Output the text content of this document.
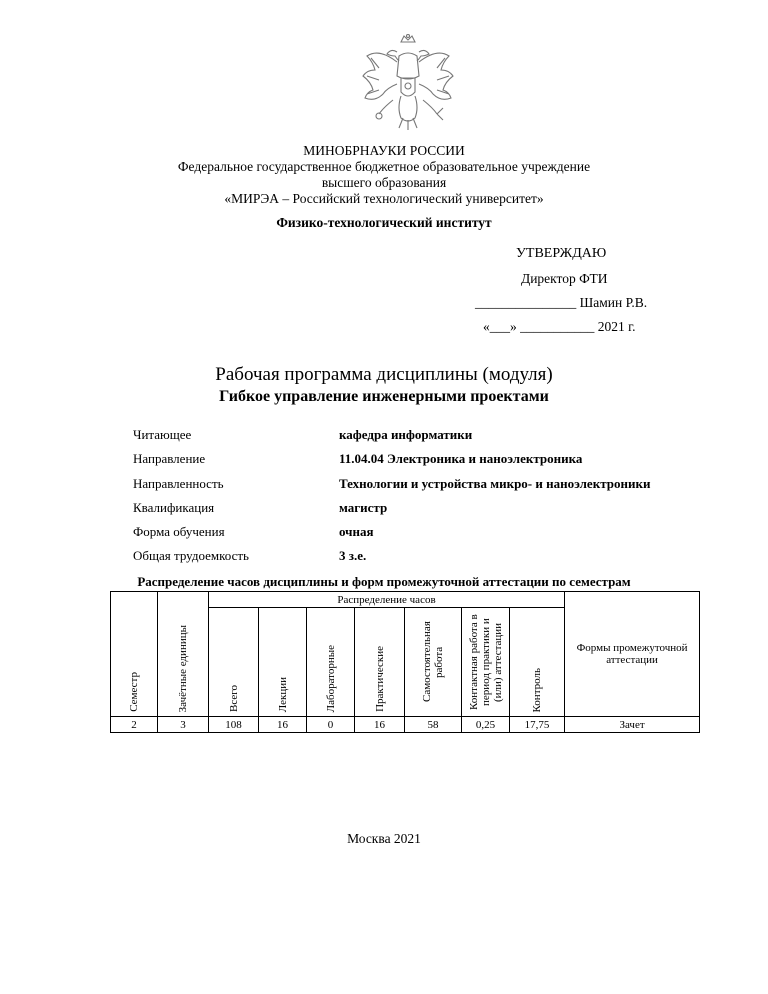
МИНОБРНАУКИ РОССИИ
Федеральное государственное бюджетное образовательное учреждение
высшего образования
«МИРЭА – Российский технологический университет»
Физико-технологический институт
УТВЕРЖДАЮ
Директор ФТИ
_______________ Шамин Р.В.
«___» ___________ 2021 г.
Рабочая программа дисциплины (модуля)
Гибкое управление инженерными проектами
Читающее	кафедра информатики
Направление	11.04.04 Электроника и наноэлектроника
Направленность	Технологии и устройства микро- и наноэлектроники
Квалификация	магистр
Форма обучения	очная
Общая трудоемкость	3 з.е.
Распределение часов дисциплины и форм промежуточной аттестации по семестрам
Семестр	Зачётные единицы	Распределение часов							Формы промежуточной аттестации

		Всего	Лекции	Лабораторные	Практические	Самостоятельная работа	Контактная работа в период практики и (или) аттестации	Контроль	

2	3	108	16	0	16	58	0,25	17,75	Зачет
Москва 2021
